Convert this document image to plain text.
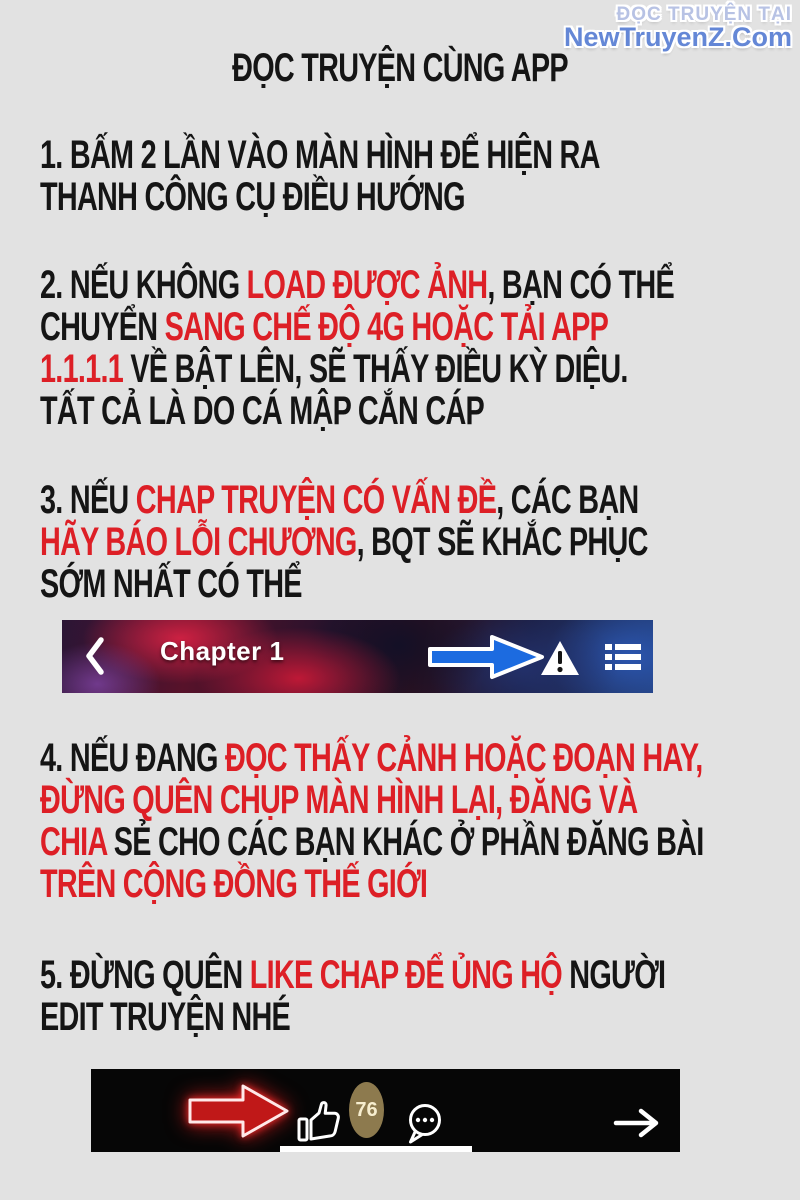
ĐỌC TRUYỆN TẠI
NewTruyenZ.Com
ĐỌC TRUYỆN CÙNG APP

1. BẤM 2 LẦN VÀO MÀN HÌNH ĐỂ HIỆN RA

THANH CÔNG CỤ ĐIỀU HƯỚNG

2. NẾU KHÔNG LOAD ĐƯỢC ẢNH, BẠN CÓ THỂ

CHUYỂN SANG CHẾ ĐỘ 4G HOẶC TẢI APP

1.1.1.1 VỀ BẬT LÊN, SẼ THẤY ĐIỀU KỲ DIỆU.

TẤT CẢ LÀ DO CÁ MẬP CẮN CÁP

3. NẾU CHAP TRUYỆN CÓ VẤN ĐỀ, CÁC BẠN

HÃY BÁO LỖI CHƯƠNG, BQT SẼ KHẮC PHỤC

SỚM NHẤT CÓ THỂ

Chapter 1

4. NẾU ĐANG ĐỌC THẤY CẢNH HOẶC ĐOẠN HAY,

ĐỪNG QUÊN CHỤP MÀN HÌNH LẠI, ĐĂNG VÀ

CHIA SẺ CHO CÁC BẠN KHÁC Ở PHẦN ĐĂNG BÀI

TRÊN CỘNG ĐỒNG THẾ GIỚI

5. ĐỪNG QUÊN LIKE CHAP ĐỂ ỦNG HỘ NGƯỜI

EDIT TRUYỆN NHÉ

76
